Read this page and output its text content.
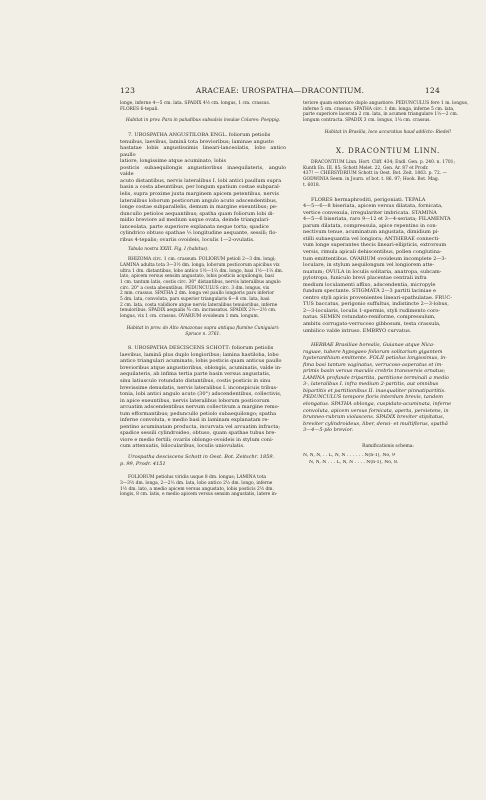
123	ARACEAE: UROSPATHA—DRACONTIUM.	124

longe, inferne 4—5 cm. lata. SPADIX 4½ cm. longus, 1 cm. crassus.

FLORES 6-tepali.

Habitat in prov. Para in paludibus subsalsis insulae Colares: Poeppig.

7. UROSPATHA ANGUSTILOBA ENGL. foliorum petiolis

tenuibus, laevibus, lamină tota brevioribus; laminae angusto

hastatae lobis angustissimis lineari-lanceolatis, lobo antico paullo

latiore, longissime atque acuminato, lobis

posticis subaequilongis angustioribus inaequilateris, angulo valde

acuto distantibus, nervis lateralibus I. lobi antici paullum supra

basin a costa abeuntibus, per longum spatium costae subparal-

lelis, supra proxime juxta marginem apicem petentibus, nervis

lateralibus loborum posticorum angulo acuto adscendentibus,

longe costae subparallelis, demum in margine exeuntibus; pe-

duncullo petiolos aequantibus; spatha quam foliorum lobi di-

midio breviore ad medium usque ovata, deinde triangulari-

lanceolata, parte superiore explanata neque torta; spadice

cylindrico obtuso spathae ⅓ longitudine aequante, sessili; flo-

ribus 4-tepalis; ovariis ovoideis, loculis 1—2-ovulatis.

Tabula nostra XXIII. Fig. I (habitus).

RHIZOMA circ. 1 cm. crassum. FOLIORUM petioli 2—3 dm. longi;

LAMINA adulta tota 3—3½ dm. longa, loborum posticorum apicibus vix

ultra 1 dm. distantibus, lobo antico 1½—1⅔ dm. longo, basi 1½—1⅔ dm.

lato, apicem versus sensim angustato, lobis posticis acquilongis, basi

1 cm. tantum latis, costis circ. 30° distantibus, nervis lateralibus angulo

circ. 20° a costa abeuntibus. PEDUNCULUS circ. 3 dm. longus, vix

2 mm. crassus. SPATHA 2 dm. longa vel paullo longioris pars inferior

5 dm. lata, convoluta, pars superior triangularis 6—8 cm. lata, basi

2 cm. lata, costa validiore atque nervis lateralibus tenuioribus, inferne

tenuioribus. SPADIX aequalis ¾ cm. incrassatus. SPADIX 2⅓—2½ cm.

longus, vix 1 cm. crassus. OVARIUM ovoideum 1 mm. longum.

Habitat in prov. do Alto Amazonas supra antiqua flumine Cuniguiari:

Spruce n. 3761.

8. UROSPATHA DESCISCENS SCHOTT: foliorum petiolis

laevibus, lamină plus duplo longioribus; lamina hastiloba, lobo

antico triangulari acuminato, lobis posticis quam anticus paullo

brevioribus atque angustioribus, oblongis, acuminatis, valde in-

aequilateris, ab infima tertia parte basin versus angustatis,

sinu latiusculo rotundato distantibus, costis posticis in sinu

brevissime denudatis, nervis lateralibus I. inconspicuis tribus-

tonia, lobi antici angulo acuto (30°) adscendentibus, collectivis,

in apice exeuntibus, nervis lateralibus loborum posticorum

arcuatim adscendentibus nervum collectivum a margine remo-

tum efformantibus; peduncullo petiolo subaequilongo; spatha

inferne convoluta, e medio basi in laminam explanatam re-

pentino acuminatam producta, incurvata vel arcuatim infracta;

spadice sessili cylindroideo, obtuso, quam spathae tubus bre-

viore e medio fertili; ovariis oblongo-ovoideis in stylum coni-

cum attenuatis, bilocularibus, loculis uniovulatis.

Urospatha desciscens Schott in Oest. Bot. Zeitschr. 1859.

p. 99, Prodr. 4151

FOLIORUM petiolus viridis usque 8 dm. longus; LAMINA tota

3—3½ dm. longa, 2—2⅓ dm. lata, lobo antico 2⅓ dm. longo, inferne

1½ dm. lato, a medio apicem versus angustato, lobis posticis 2½ dm.

longis, 8 cm. latis, e medio apicem versus sensim angustatis, latere in-

teriore quam exteriore duplo angustiore. PEDUNCULUS fere 1 m. longus,

inferne 5 cm. crassus. SPATHA circ. 1 dm. longa, inferne 5 cm. lata,

parte superiore lacerata 2 cm. lata, in acumen triangulare 1⅓—2 cm.

longum contracta. SPADIX 3 cm. longus, 1¼ cm. crassus.

Habitat in Brasilia, loco accuratius haud addicto: Riedel!

X. DRACONTIUM LINN.

DRACONTIUM Linn. Hort. Cliff. 434; Endl. Gen. p. 240. n. 1701;

Kunth En. III. 85; Schott Melet. 22, Gen. Ar. 87 et Prodr.

437! — CHERSYDRIUM Schott in Oest. Bot. Zeit. 1863. p. 72. —

GODWINIA Seem. in Journ. of bot. t. 86. 97; Hook. Bot. Mag.

t. 6018.

FLORES hermaphroditi, perigoniati. TEPALA

4—5—6—8 biseriata, apicem versus dilatata, fornicata,

vertice convexula, irregulariter imbricata. STAMINA

4—5—6 biseriata, raro 9—12 et 3—4-seriata; FILAMENTA

parum dilatata, compressula, apice repentino in con-

nectivum tenue, acuminatum angustata, dimidium pi-

stilli subaequantia vel longiora; ANTHERAE connecti-

vum longe superantes thecis lineari-ellipticis, extrorsum

versis, rimula apicali dehiscentibus, pollen conglutina-

tum emittentibus. OVARIUM ovoideum incomplete 2—3-

loculare, in stylum aequilongum vel longiorem atte-

nuatum; OVULA in loculis solitaria, anatropa, subcam-

pylotropa, funiculo brevi placentae centrali infra

medium loculamenti affixo, adscendentia, micropyle

fundum spectante. STIGMATA 2—3 partiti laciniae e

centro styli apicis provenientes lineari-spathulatae. FRUC-

TUS baccatus, perigonio suffultus, indistincte 2—3-lobus,

2—3-locularis, loculis 1-spermis, styli rudimento coro-

natus. SEMEN rotundato-reniforme, compressulum,

ambitu corrugato-verrucoso gibbosum, testa crassula,

umbilico valde intruso. EMBRYO curvatus.

HERBAE Brasiliae borealis, Guianae atque Nica-

raguae, tubere hypogaeo foliorum solitarium gigantem

hysteranthium emittente. FOLII petiolus longissimus, in-

fima basi tantum vaginatus, verrucoso-asperatus et im-

primis basin versus maculis crebris transversis ornatus;

LAMINA profunde tripartita, partitione terminali a medio

3-, lateralibus I. infra medium 2-partitis, aut omnibus

bipartitis et partitionibus II. inaequaliter pinnatipartitis.

PEDUNCULUS tempore floris interdum brevis, tandem

elongatus. SPATHA oblonga, cuspidato-acuminata, inferne

convoluta, apicem versus fornicata, aperta, persistens, in

brunneo-rubrum violascens. SPADIX breviter stipitatus,

breviter cylindroideus, liber, densi- et multiflorus, spathâ

3—4—5-plo brevior.

Ramificationis schema:

N, N, N, . . L, N, N . . . . . . N(n-1), No, 9
N, N, N . . . L, N, N . . . . N(n-1), No, 8.
